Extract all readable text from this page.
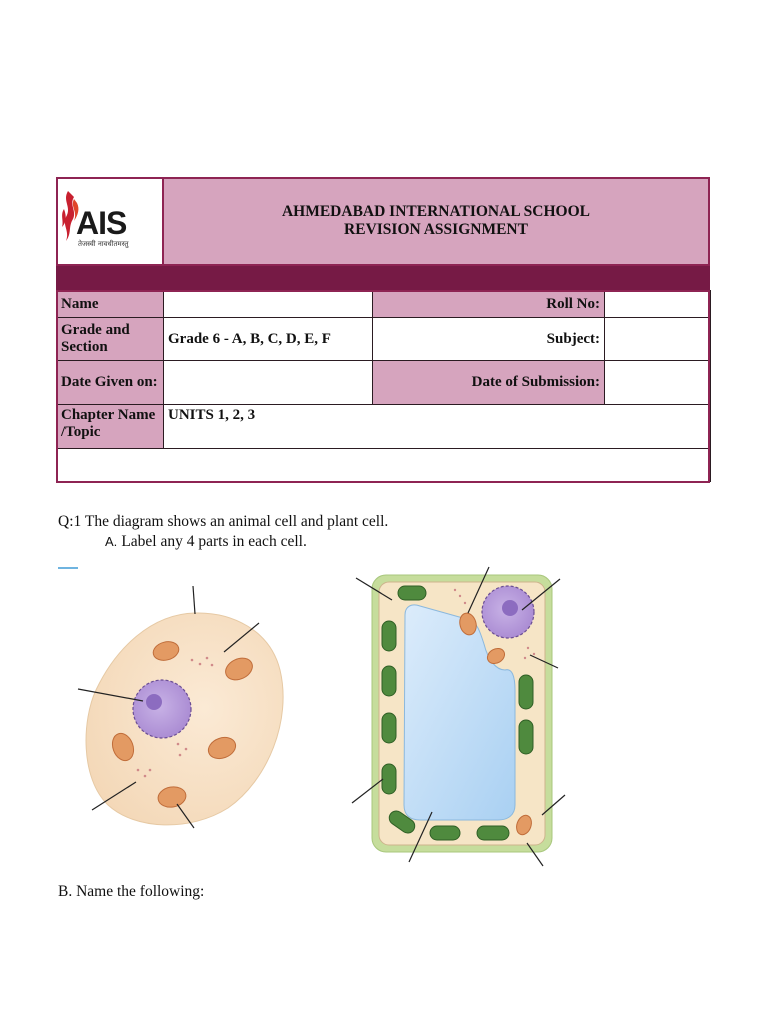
AIS
तेजस्वी नावधीतमस्तु
AHMEDABAD INTERNATIONAL SCHOOL
REVISION ASSIGNMENT
Name		Roll No:	
Grade and Section	Grade 6 - A, B, C, D, E, F	Subject:	
Date Given on:		Date of Submission:	
Chapter Name /Topic	UNITS 1, 2, 3		

Q:1 The diagram shows an animal cell and plant cell.
A. Label any 4 parts in each cell.
B. Name the following:
